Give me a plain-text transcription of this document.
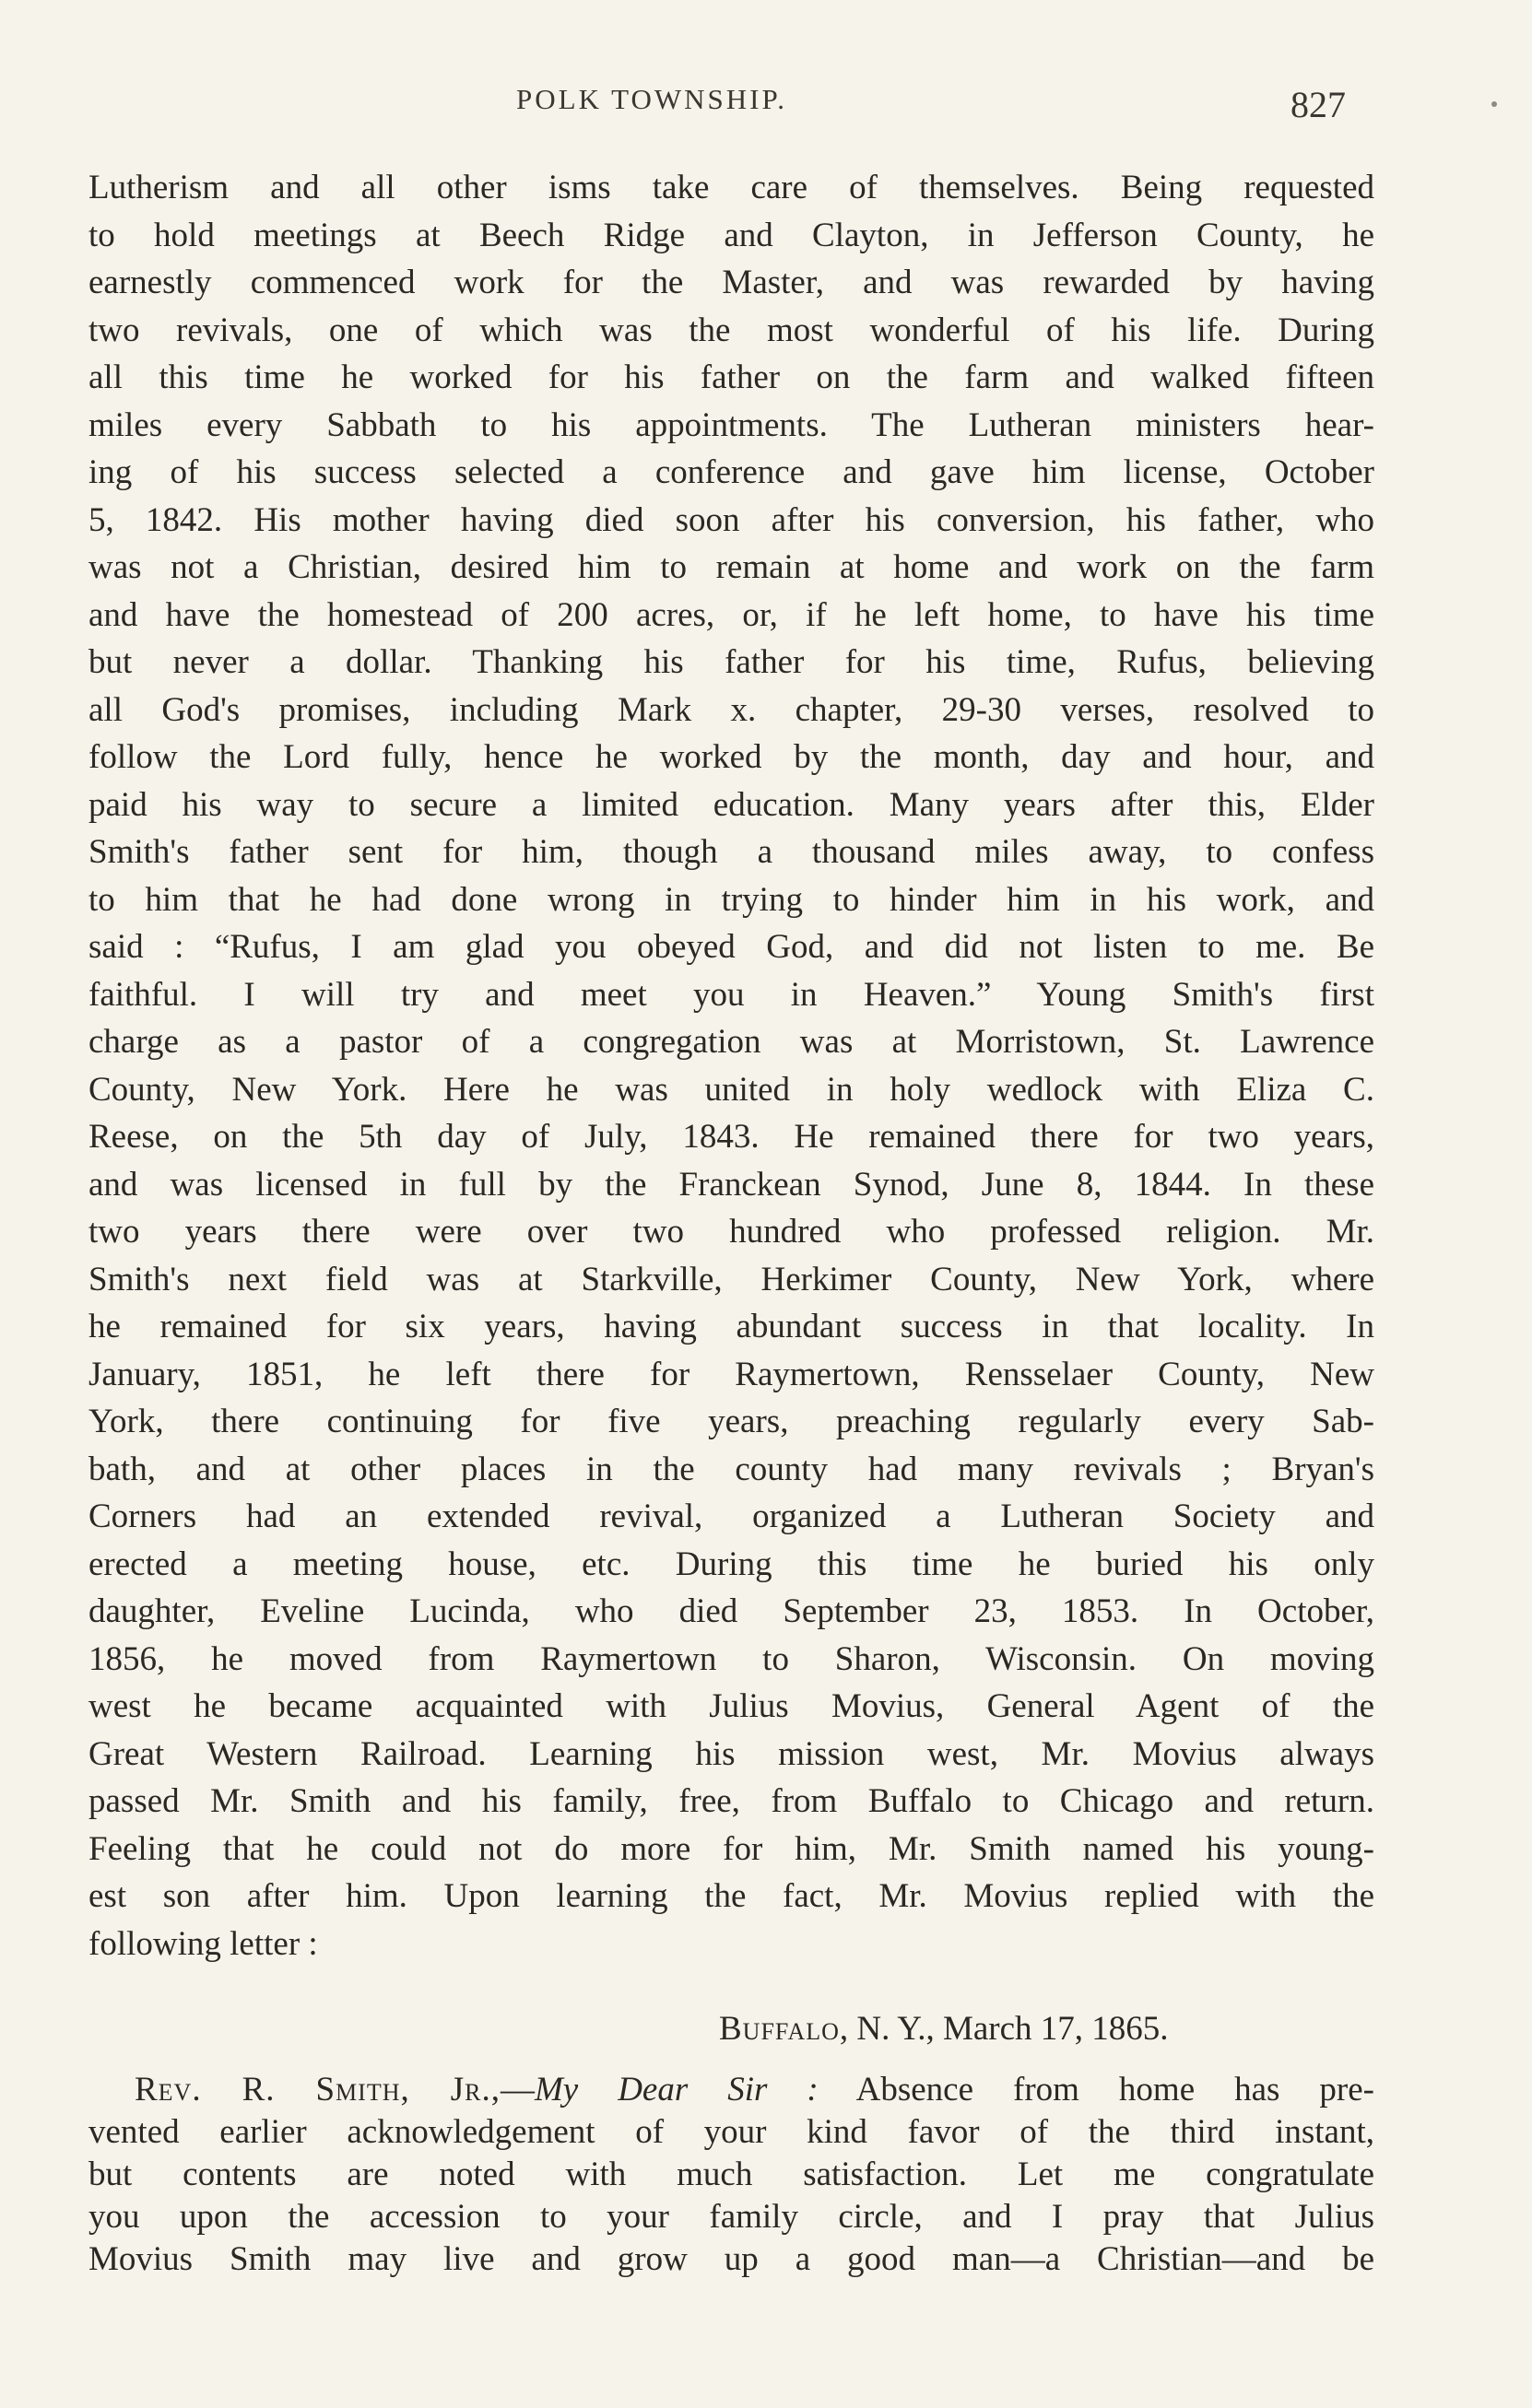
POLK TOWNSHIP.	827
Lutherism and all other isms take care of themselves. Being requested
to hold meetings at Beech Ridge and Clayton, in Jefferson County, he
earnestly commenced work for the Master, and was rewarded by having
two revivals, one of which was the most wonderful of his life. During
all this time he worked for his father on the farm and walked fifteen
miles every Sabbath to his appointments. The Lutheran ministers hear-
ing of his success selected a conference and gave him license, October
5, 1842. His mother having died soon after his conversion, his father, who
was not a Christian, desired him to remain at home and work on the farm
and have the homestead of 200 acres, or, if he left home, to have his time
but never a dollar. Thanking his father for his time, Rufus, believing
all God's promises, including Mark x. chapter, 29-30 verses, resolved to
follow the Lord fully, hence he worked by the month, day and hour, and
paid his way to secure a limited education. Many years after this, Elder
Smith's father sent for him, though a thousand miles away, to confess
to him that he had done wrong in trying to hinder him in his work, and
said : “Rufus, I am glad you obeyed God, and did not listen to me. Be
faithful. I will try and meet you in Heaven.” Young Smith's first
charge as a pastor of a congregation was at Morristown, St. Lawrence
County, New York. Here he was united in holy wedlock with Eliza C.
Reese, on the 5th day of July, 1843. He remained there for two years,
and was licensed in full by the Franckean Synod, June 8, 1844. In these
two years there were over two hundred who professed religion. Mr.
Smith's next field was at Starkville, Herkimer County, New York, where
he remained for six years, having abundant success in that locality. In
January, 1851, he left there for Raymertown, Rensselaer County, New
York, there continuing for five years, preaching regularly every Sab-
bath, and at other places in the county had many revivals ; Bryan's
Corners had an extended revival, organized a Lutheran Society and
erected a meeting house, etc. During this time he buried his only
daughter, Eveline Lucinda, who died September 23, 1853. In October,
1856, he moved from Raymertown to Sharon, Wisconsin. On moving
west he became acquainted with Julius Movius, General Agent of the
Great Western Railroad. Learning his mission west, Mr. Movius always
passed Mr. Smith and his family, free, from Buffalo to Chicago and return.
Feeling that he could not do more for him, Mr. Smith named his young-
est son after him. Upon learning the fact, Mr. Movius replied with the
following letter :
Buffalo, N. Y., March 17, 1865.
Rev. R. Smith, Jr.,—My Dear Sir : Absence from home has pre-
vented earlier acknowledgement of your kind favor of the third instant,
but contents are noted with much satisfaction. Let me congratulate
you upon the accession to your family circle, and I pray that Julius
Movius Smith may live and grow up a good man—a Christian—and be
